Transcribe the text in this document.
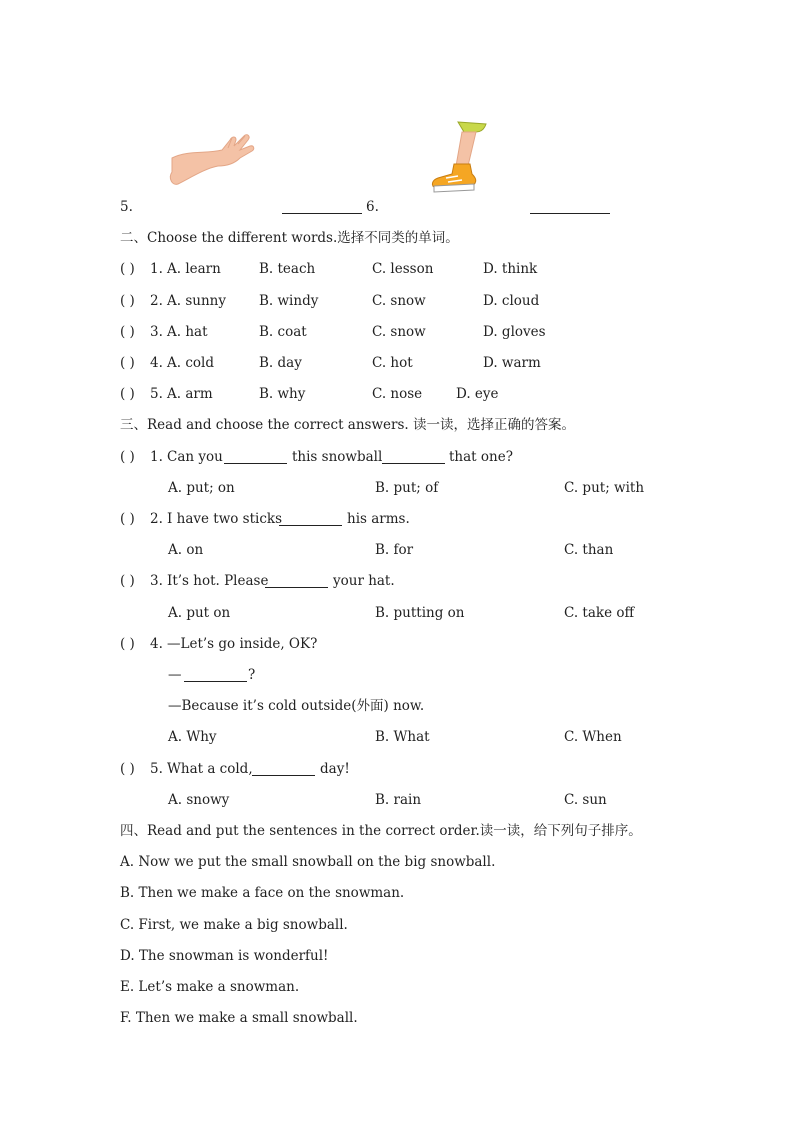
5.	6.
二、Choose the different words.选择不同类的单词。
( ) 1. A. learn	B. teach	C. lesson	D. think
( ) 2. A. sunny B. windy	C. snow	D. cloud
( ) 3. A. hat	B. coat	C. snow	D. gloves
( ) 4. A. cold	B. day	C. hot	D. warm
( ) 5. A. arm	B. why	C. nose	D. eye
三、Read and choose the correct answers. 读一读，选择正确的答案。
( ) 1. Can you	this snowball	that one?
A. put; on	B. put; of	C. put; with
( ) 2. I have two sticks	his arms.
A. on	B. for	C. than
( ) 3. It’s hot. Please	your hat.
A. put on	B. putting on	C. take off
( ) 4. —Let’s go inside, OK?
—	?
—Because it’s cold outside(外面) now.
A. Why	B. What	C. When
( ) 5. What a cold,	day!
A. snowy	B. rain	C. sun
四、Read and put the sentences in the correct order.读一读，给下列句子排序。
A. Now we put the small snowball on the big snowball.
B. Then we make a face on the snowman.
C. First, we make a big snowball.
D. The snowman is wonderful!
E. Let’s make a snowman.
F. Then we make a small snowball.
